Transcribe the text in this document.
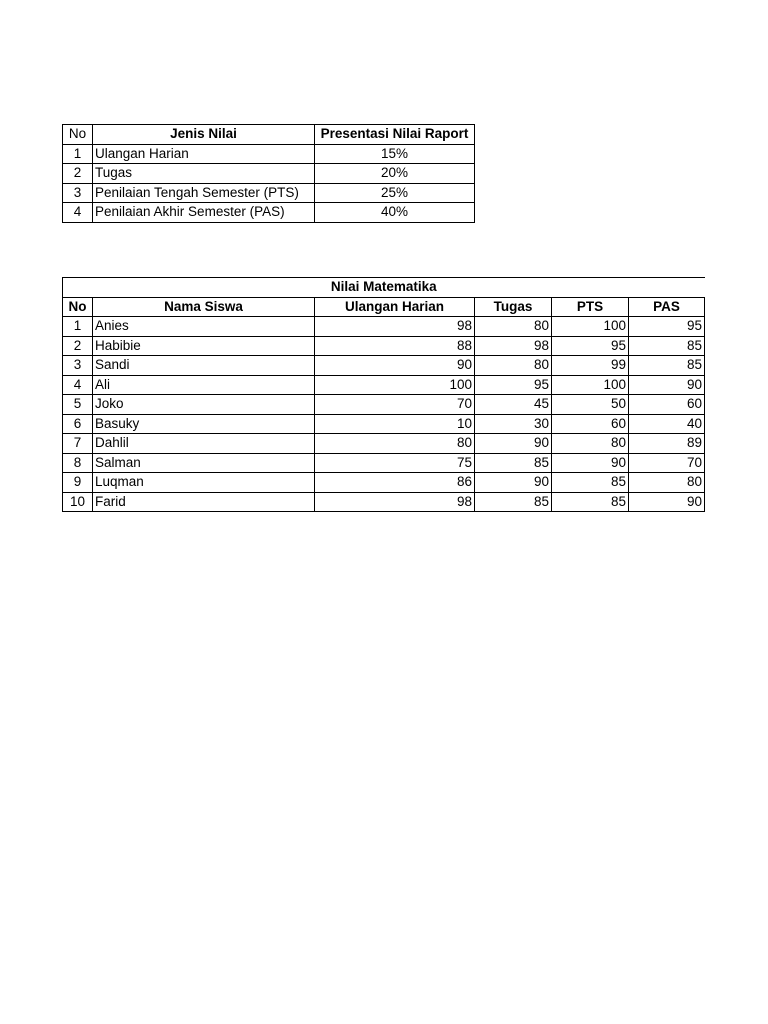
No	Jenis Nilai	Presentasi Nilai Raport
1	Ulangan Harian	15%
2	Tugas	20%
3	Penilaian Tengah Semester (PTS)	25%
4	Penilaian Akhir Semester (PAS)	40%
Nilai Matematika					
No	Nama Siswa	Ulangan Harian	Tugas	PTS	PAS
1	Anies	98	80	100	95
2	Habibie	88	98	95	85
3	Sandi	90	80	99	85
4	Ali	100	95	100	90
5	Joko	70	45	50	60
6	Basuky	10	30	60	40
7	Dahlil	80	90	80	89
8	Salman	75	85	90	70
9	Luqman	86	90	85	80
10	Farid	98	85	85	90
